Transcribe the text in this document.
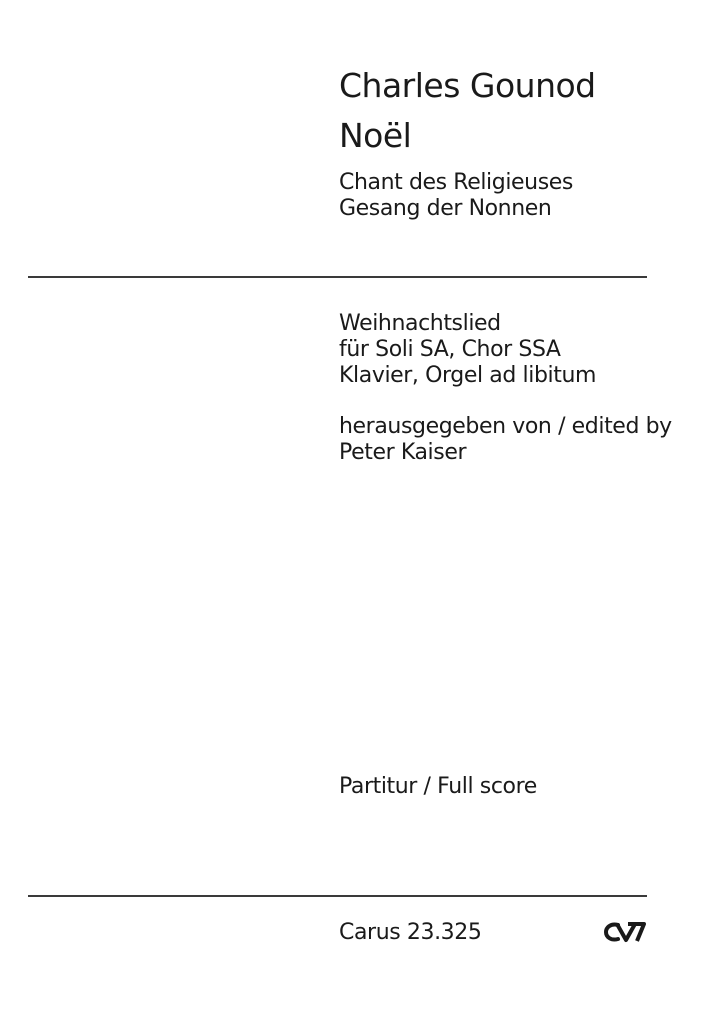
Charles Gounod
Noël
Chant des Religieuses
Gesang der Nonnen
Weihnachtslied
für Soli SA, Chor SSA
Klavier, Orgel ad libitum
herausgegeben von / edited by
Peter Kaiser
Partitur / Full score
Carus 23.325
